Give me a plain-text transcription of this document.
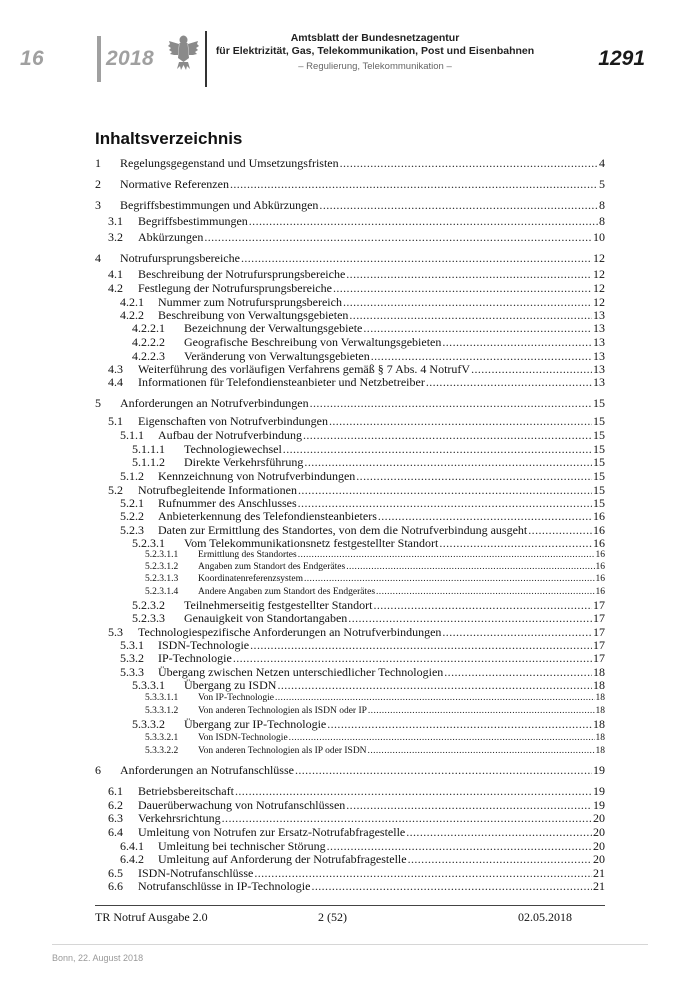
16	2018
Amtsblatt der Bundesnetzagentur
für Elektrizität, Gas, Telekommunikation, Post und Eisenbahnen
– Regulierung, Telekommunikation –	1291
Inhaltsverzeichnis
1	Regelungsgegenstand und Umsetzungsfristen .....	4
2	Normative Referenzen .....	5
3	Begriffsbestimmungen und Abkürzungen .....	8
3.1	Begriffsbestimmungen .....	8
3.2	Abkürzungen .....	10
4	Notrufursprungsbereiche .....	12
4.1	Beschreibung der Notrufursprungsbereiche .....	12
4.2	Festlegung der Notrufursprungsbereiche .....	12
4.2.1	Nummer zum Notrufursprungsbereich .....	12
4.2.2	Beschreibung von Verwaltungsgebieten .....	13
4.2.2.1	Bezeichnung der Verwaltungsgebiete .....	13
4.2.2.2	Geografische Beschreibung von Verwaltungsgebieten .....	13
4.2.2.3	Veränderung von Verwaltungsgebieten .....	13
4.3	Weiterführung des vorläufigen Verfahrens gemäß § 7 Abs. 4 NotrufV .....	13
4.4	Informationen für Telefondiensteanbieter und Netzbetreiber .....	13
5	Anforderungen an Notrufverbindungen .....	15
5.1	Eigenschaften von Notrufverbindungen .....	15
5.1.1	Aufbau der Notrufverbindung .....	15
5.1.1.1	Technologiewechsel .....	15
5.1.1.2	Direkte Verkehrsführung .....	15
5.1.2	Kennzeichnung von Notrufverbindungen .....	15
5.2	Notrufbegleitende Informationen .....	15
5.2.1	Rufnummer des Anschlusses .....	15
5.2.2	Anbieterkennung des Telefondiensteanbieters .....	16
5.2.3	Daten zur Ermittlung des Standortes, von dem die Notrufverbindung ausgeht .....	16
5.2.3.1	Vom Telekommunikationsnetz festgestellter Standort .....	16
5.2.3.1.1	Ermittlung des Standortes .....	16
5.2.3.1.2	Angaben zum Standort des Endgerätes .....	16
5.2.3.1.3	Koordinatenreferenzsystem .....	16
5.2.3.1.4	Andere Angaben zum Standort des Endgerätes .....	16
5.2.3.2	Teilnehmerseitig festgestellter Standort .....	17
5.2.3.3	Genauigkeit von Standortangaben .....	17
5.3	Technologiespezifische Anforderungen an Notrufverbindungen .....	17
5.3.1	ISDN-Technologie .....	17
5.3.2	IP-Technologie .....	17
5.3.3	Übergang zwischen Netzen unterschiedlicher Technologien .....	18
5.3.3.1	Übergang zu ISDN .....	18
5.3.3.1.1	Von IP-Technologie .....	18
5.3.3.1.2	Von anderen Technologien als ISDN oder IP .....	18
5.3.3.2	Übergang zur IP-Technologie .....	18
5.3.3.2.1	Von ISDN-Technologie .....	18
5.3.3.2.2	Von anderen Technologien als IP oder ISDN .....	18
6	Anforderungen an Notrufanschlüsse .....	19
6.1	Betriebsbereitschaft .....	19
6.2	Dauerüberwachung von Notrufanschlüssen .....	19
6.3	Verkehrsrichtung .....	20
6.4	Umleitung von Notrufen zur Ersatz-Notrufabfragestelle .....	20
6.4.1	Umleitung bei technischer Störung .....	20
6.4.2	Umleitung auf Anforderung der Notrufabfragestelle .....	20
6.5	ISDN-Notrufanschlüsse .....	21
6.6	Notrufanschlüsse in IP-Technologie .....	21
TR Notruf Ausgabe 2.0	2 (52)	02.05.2018
Bonn, 22. August 2018
